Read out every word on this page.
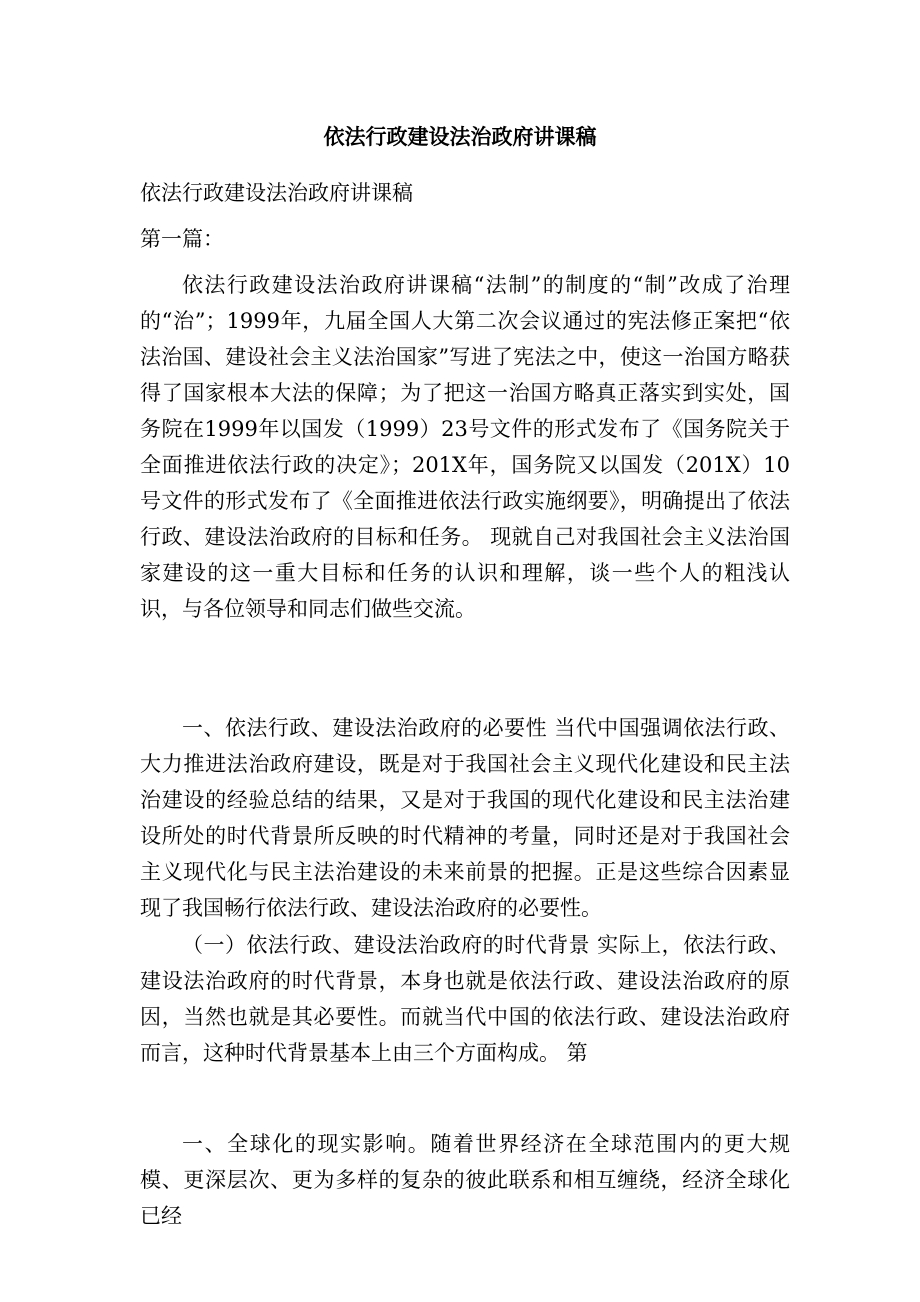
依法行政建设法治政府讲课稿
依法行政建设法治政府讲课稿
第一篇：
依法行政建设法治政府讲课稿“法制”的制度的“制”改成了治理的“治”；1999年，九届全国人大第二次会议通过的宪法修正案把“依法治国、建设社会主义法治国家”写进了宪法之中，使这一治国方略获得了国家根本大法的保障；为了把这一治国方略真正落实到实处，国务院在1999年以国发（1999）23号文件的形式发布了《国务院关于全面推进依法行政的决定》；201X年，国务院又以国发（201X）10号文件的形式发布了《全面推进依法行政实施纲要》，明确提出了依法行政、建设法治政府的目标和任务。 现就自己对我国社会主义法治国家建设的这一重大目标和任务的认识和理解，谈一些个人的粗浅认识，与各位领导和同志们做些交流。
一、依法行政、建设法治政府的必要性 当代中国强调依法行政、大力推进法治政府建设，既是对于我国社会主义现代化建设和民主法治建设的经验总结的结果，又是对于我国的现代化建设和民主法治建设所处的时代背景所反映的时代精神的考量，同时还是对于我国社会主义现代化与民主法治建设的未来前景的把握。正是这些综合因素显现了我国畅行依法行政、建设法治政府的必要性。
（一）依法行政、建设法治政府的时代背景 实际上，依法行政、建设法治政府的时代背景，本身也就是依法行政、建设法治政府的原因，当然也就是其必要性。而就当代中国的依法行政、建设法治政府而言，这种时代背景基本上由三个方面构成。 第
一、全球化的现实影响。随着世界经济在全球范围内的更大规模、更深层次、更为多样的复杂的彼此联系和相互缠绕，经济全球化已经
